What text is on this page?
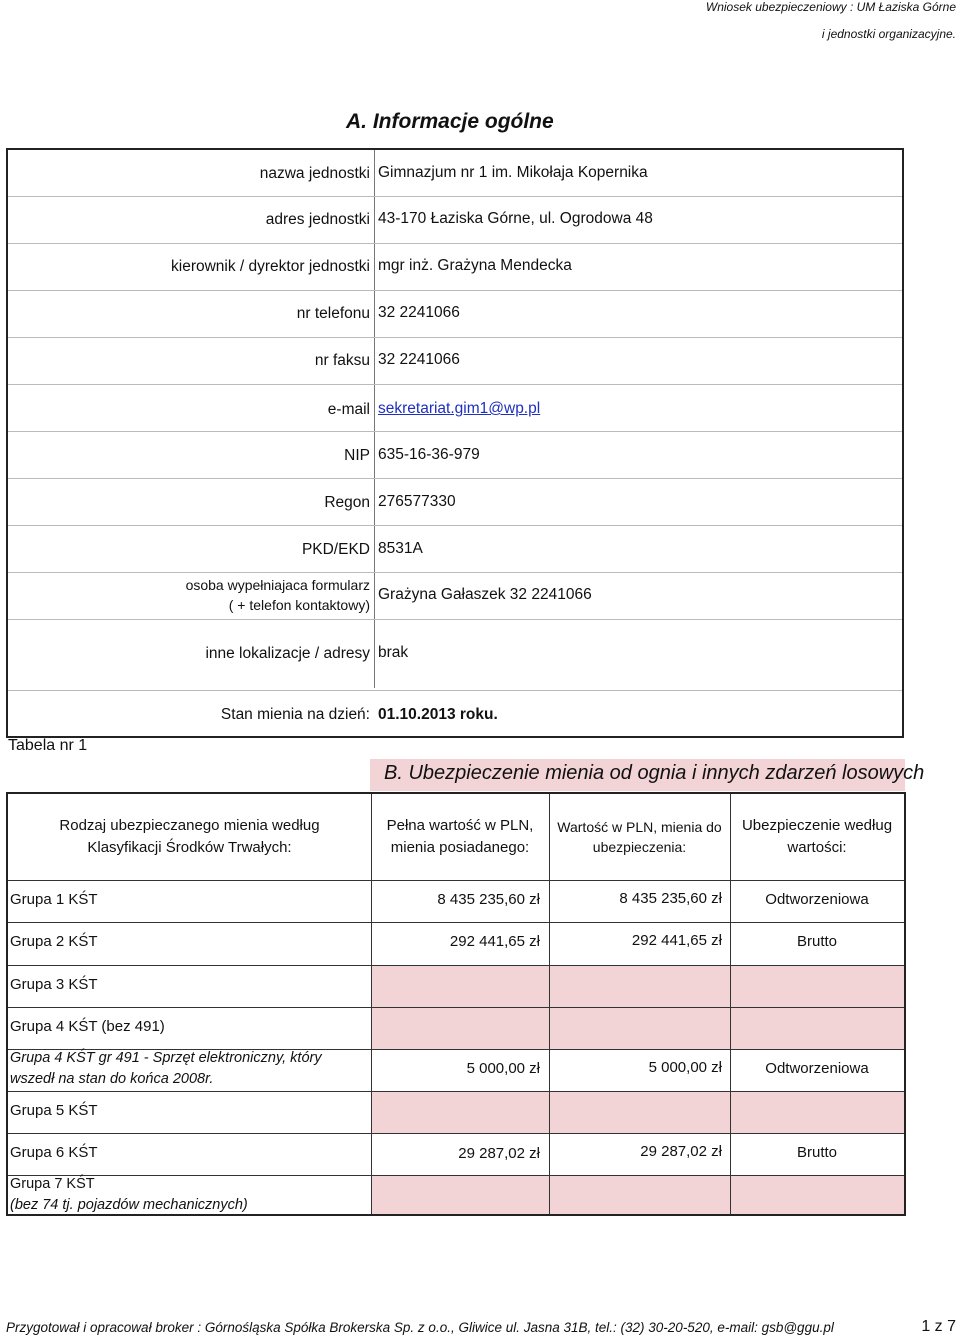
Wniosek ubezpieczeniowy : UM Łaziska Górne
i jednostki organizacyjne.
A. Informacje ogólne
nazwa jednostki Gimnazjum nr 1 im. Mikołaja Kopernika
adres jednostki 43-170 Łaziska Górne, ul. Ogrodowa 48
kierownik / dyrektor jednostki mgr inż. Grażyna Mendecka
nr telefonu 32 2241066
nr faksu 32 2241066
e-mail sekretariat.gim1@wp.pl
NIP 635-16-36-979
Regon 276577330
PKD/EKD 8531A
osoba wypełniajaca formularz
( + telefon kontaktowy)
Grażyna Gałaszek 32 2241066
inne lokalizacje / adresy brak
Stan mienia na dzień: 01.10.2013 roku.
Tabela nr 1
B. Ubezpieczenie mienia od ognia i innych zdarzeń losowych
Rodzaj ubezpieczanego mienia według
Klasyfikacji Środków Trwałych:
Pełna wartość w PLN,
mienia posiadanego:
Wartość w PLN, mienia do
ubezpieczenia:
Ubezpieczenie według
wartości:
Grupa 1 KŚT	8 435 235,60 zł	8 435 235,60 zł	Odtworzeniowa
Grupa 2 KŚT	292 441,65 zł	292 441,65 zł	Brutto
Grupa 3 KŚT
Grupa 4 KŚT (bez 491)
Grupa 4 KŚT gr 491 - Sprzęt elektroniczny, który
wszedł na stan do końca 2008r.
5 000,00 zł	5 000,00 zł	Odtworzeniowa
Grupa 5 KŚT
Grupa 6 KŚT	29 287,02 zł	29 287,02 zł	Brutto
Grupa 7 KŚT
(bez 74 tj. pojazdów mechanicznych)
Przygotował i opracował broker : Górnośląska Spółka Brokerska Sp. z o.o., Gliwice ul. Jasna 31B, tel.: (32) 30-20-520, e-mail: gsb@ggu.pl	1 z 7
